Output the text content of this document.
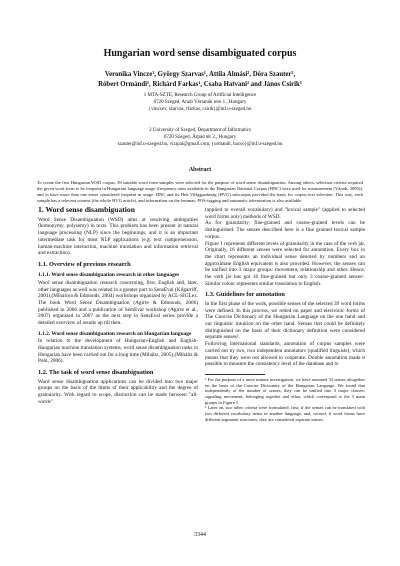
Hungarian word sense disambiguated corpus
Veronika Vincze¹, György Szarvas¹, Attila Almási², Dóra Szauter³,
Róbert Ormándi¹, Richárd Farkas¹, Csaba Hatvani² and János Csirik¹
1 MTA-SZTE, Research Group of Artificial Intelligence
6720 Szeged, Aradi Vértanúk tere 1., Hungary
{vinczev, szarvas, rfarkas, csirik}@inf.u-szeged.hu
2 University of Szeged, Department of Informatics
6720 Szeged, Árpád tér 2., Hungary
szauter@inf.u-szeged.hu, vizipal@gmail.com, {ormandi, hacso}@inf.u-szeged.hu
Abstract
To create the first Hungarian WSD corpus, 39 suitable word form samples were selected for the purpose of word sense disambiguation. Among others, selection criteria required the given word form to be frequent in Hungarian language usage (frequency rates available in the Hungarian National Corpus (HNC) were used for measurement (Váradi, 2000)), and to have more than one sense considered frequent in usage. HNC and its Heti Világgazdaság (HVG) subcorpus provided the basis for corpus text selection. This way, each sample has a relevant context (the whole HVG article), and information on the lemmas, POS-tagging and automatic tokenization is also available.
1. Word sense disambiguation

Word Sense Disambiguation (WSD) aims at resolving ambiguities (homonymy, polysemy) in texts. This problem has been present in natural language processing (NLP) since the beginnings, and it is an important intermediate task for most NLP applications (e.g. text comprehension, human-machine interaction, machine translation and information retrieval and extraction).

1.1. Overview of previous research
1.1.1. Word sense disambiguation research in other languages

Word sense disambiguation research concerning, first, English and, later, other languages as well was related in a greater part to SensEval (Kilgarriff, 2001),(Mihalcea & Edmonds, 2004) workshops organized by ACL-SIGLex. The book Word Sense Disambiguation (Agirre & Edmonds, 2006) published in 2006 and a publication of SemEval workshop (Agirre et al., 2007) organized in 2007 as the next step in SensEval series provide a detailed overview of results up till then.

1.1.2. Word sense disambiguation research on Hungarian language

In relation to the development of Hungarian-English and English-Hungarian machine translation systems, word sense disambiguation tasks in Hungarian have been carried out for a long time (Miháltz, 2005),(Miháltz & Pohl, 2006).

1.2. The task of word sense disambiguation

Word sense disambiguation applications can be divided into two major groups on the basis of the limits of their applicability and the degree of granularity. With regard to scope, distinction can be made between "all-words"

(applied to overall vocabulary) and "lexical sample" (applied to selected word forms only) methods of WSD.

As for granularity, fine-grained and coarse-grained levels can be distinguished. The senses described here is a fine grained lexical sample corpus.

Figure 1 represents different levels of granularity in the case of the verb jár. Originally, 16 different senses were selected for annotation. Every box in the chart represents an individual sense denoted by numbers and an approximate English equivalent is also provided. However, the senses can be unified into 3 major groups: movement, relationship and other. Hence, the verb jár has got 16 fine-grained but only 3 coarse-grained senses¹. Similar colour represents similar translation to English.

1.3. Guidelines for annotation

In the first phase of the work, possible senses of the selected 39 word forms were defined. In this process, we relied on paper and electronic forms of The Concise Dictionary of the Hungarian Language on the one hand and our linguistic intuition on the other hand. Senses that could be definitely distinguished on the basis of their dictionary definition were considered separate senses².

Following international standards, annotation of corpus samples were carried out by two, two independent annotators (qualified linguists), which means that they were not allowed to cooperate. Double annotation made it possible to measure the consistency level of the database and to

¹ For the purpose of a more minute investigation, we have assumed 33 senses altogether on the basis of the Concise Dictionary of the Hungarian Language. We found that independently of the number of senses, they can be unified into 3 major classes: signaling movement, belonging together and other, which correspond to the 3 main groups in Figure 1.

² Later on, two other criteria were formulated: first, if the senses can be translated with two different vocabulary items in another language, and, second, if word forms have different argument structures, they are considered separate senses.

3344
